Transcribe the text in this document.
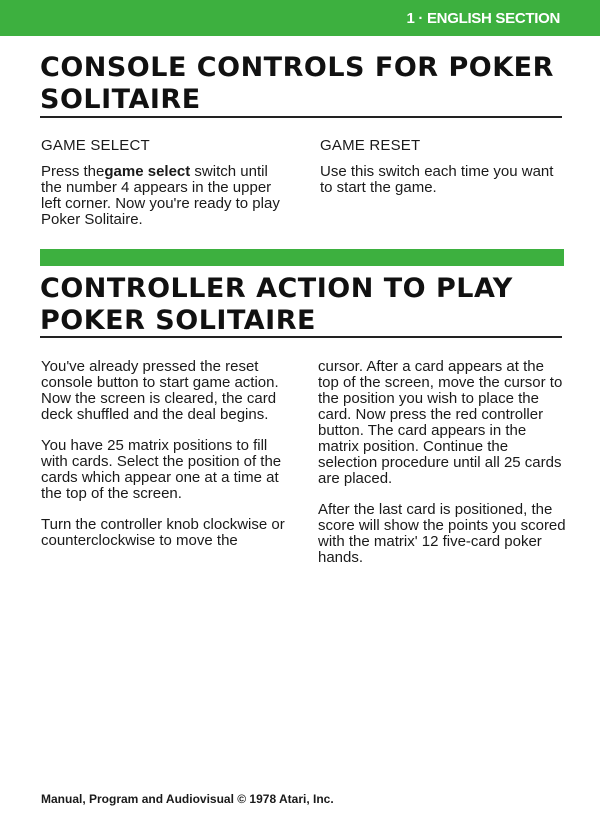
1 · ENGLISH SECTION
CONSOLE CONTROLS FOR POKER SOLITAIRE
GAME SELECT

Press thegame select switch until the number 4 appears in the upper left corner. Now you're ready to play Poker Solitaire.

GAME RESET

Use this switch each time you want to start the game.

CONTROLLER ACTION TO PLAY POKER SOLITAIRE

You've already pressed the reset console button to start game action. Now the screen is cleared, the card deck shuffled and the deal begins.

You have 25 matrix positions to fill with cards. Select the position of the cards which appear one at a time at the top of the screen.

Turn the controller knob clockwise or counterclockwise to move the

cursor. After a card appears at the top of the screen, move the cursor to the position you wish to place the card. Now press the red controller button. The card appears in the matrix position. Continue the selection procedure until all 25 cards are placed.

After the last card is positioned, the score will show the points you scored with the matrix' 12 five-card poker hands.

Manual, Program and Audiovisual © 1978 Atari, Inc.
